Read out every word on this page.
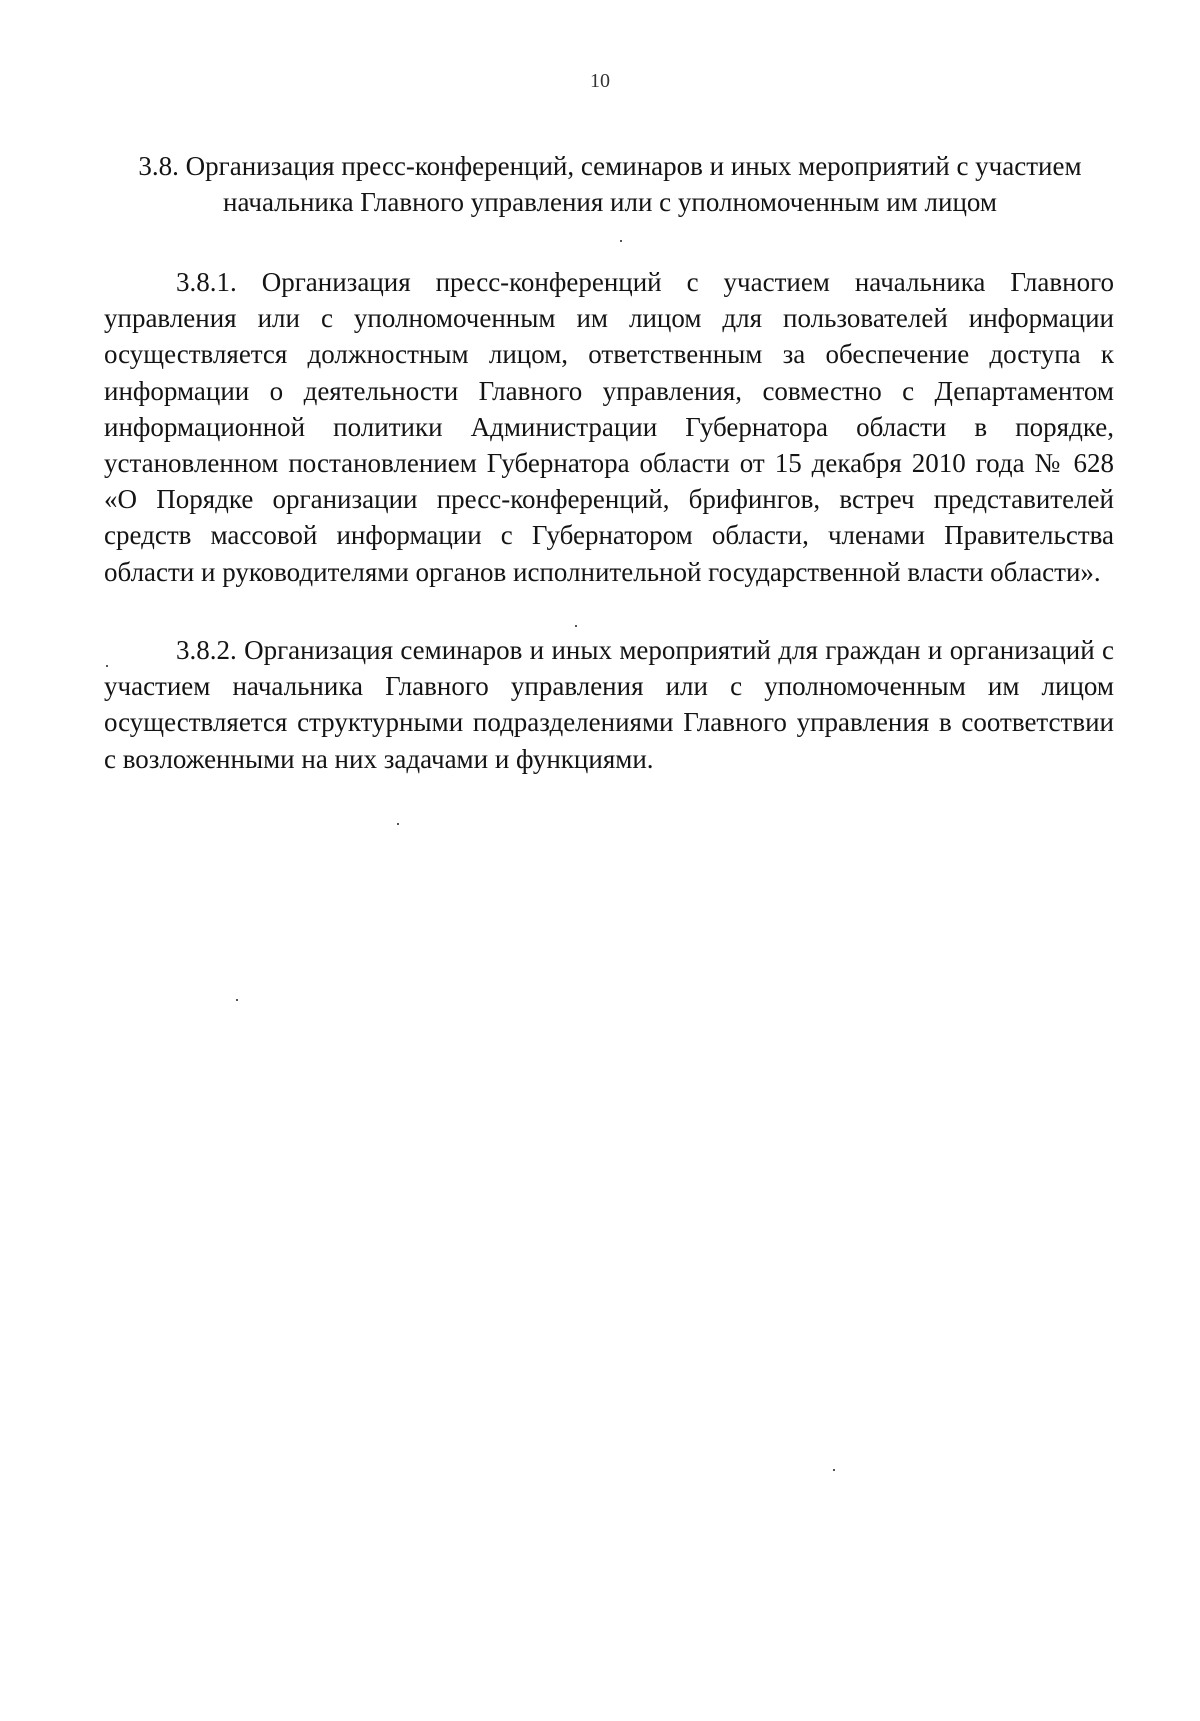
10
3.8. Организация пресс-конференций, семинаров и иных мероприятий с участием начальника Главного управления или с уполномоченным им лицом

3.8.1. Организация пресс-конференций с участием начальника Главного управления или с уполномоченным им лицом для пользователей информации осуществляется должностным лицом, ответственным за обеспечение доступа к информации о деятельности Главного управления, совместно с Департаментом информационной политики Администрации Губернатора области в порядке, установленном постановлением Губернатора области от 15 декабря 2010 года № 628 «О Порядке организации пресс-конференций, брифингов, встреч представителей средств массовой информации с Губернатором области, членами Правительства области и руководителями органов исполнительной государственной власти области».

3.8.2. Организация семинаров и иных мероприятий для граждан и организаций с участием начальника Главного управления или с уполномоченным им лицом осуществляется структурными подразделениями Главного управления в соответствии с возложенными на них задачами и функциями.
